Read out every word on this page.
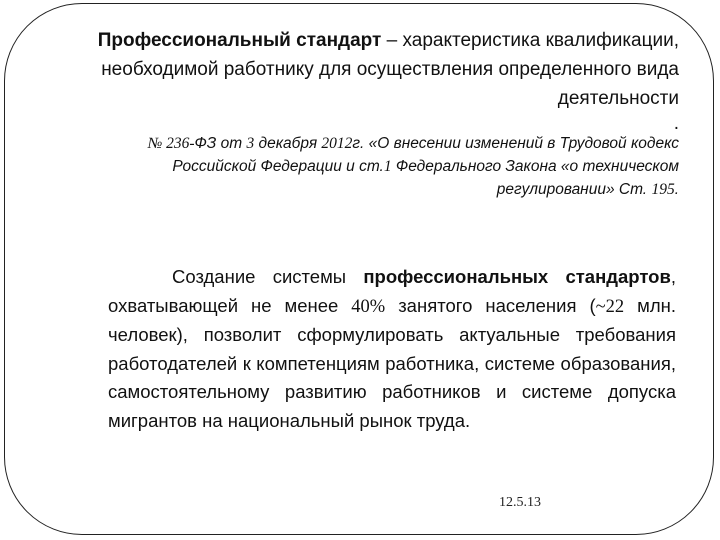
Профессиональный стандарт – характеристика квалификации, необходимой работнику для осуществления определенного вида деятельности
.
№ 236-ФЗ от 3 декабря 2012г. «О внесении изменений в Трудовой кодекс Российской Федерации и ст.1 Федерального Закона «о техническом регулировании» Ст. 195.
Создание системы профессиональных стандартов, охватывающей не менее 40% занятого населения (~22 млн. человек), позволит сформулировать актуальные требования работодателей к компетенциям работника, системе образования, самостоятельному развитию работников и системе допуска мигрантов на национальный рынок труда.
12.5.13
